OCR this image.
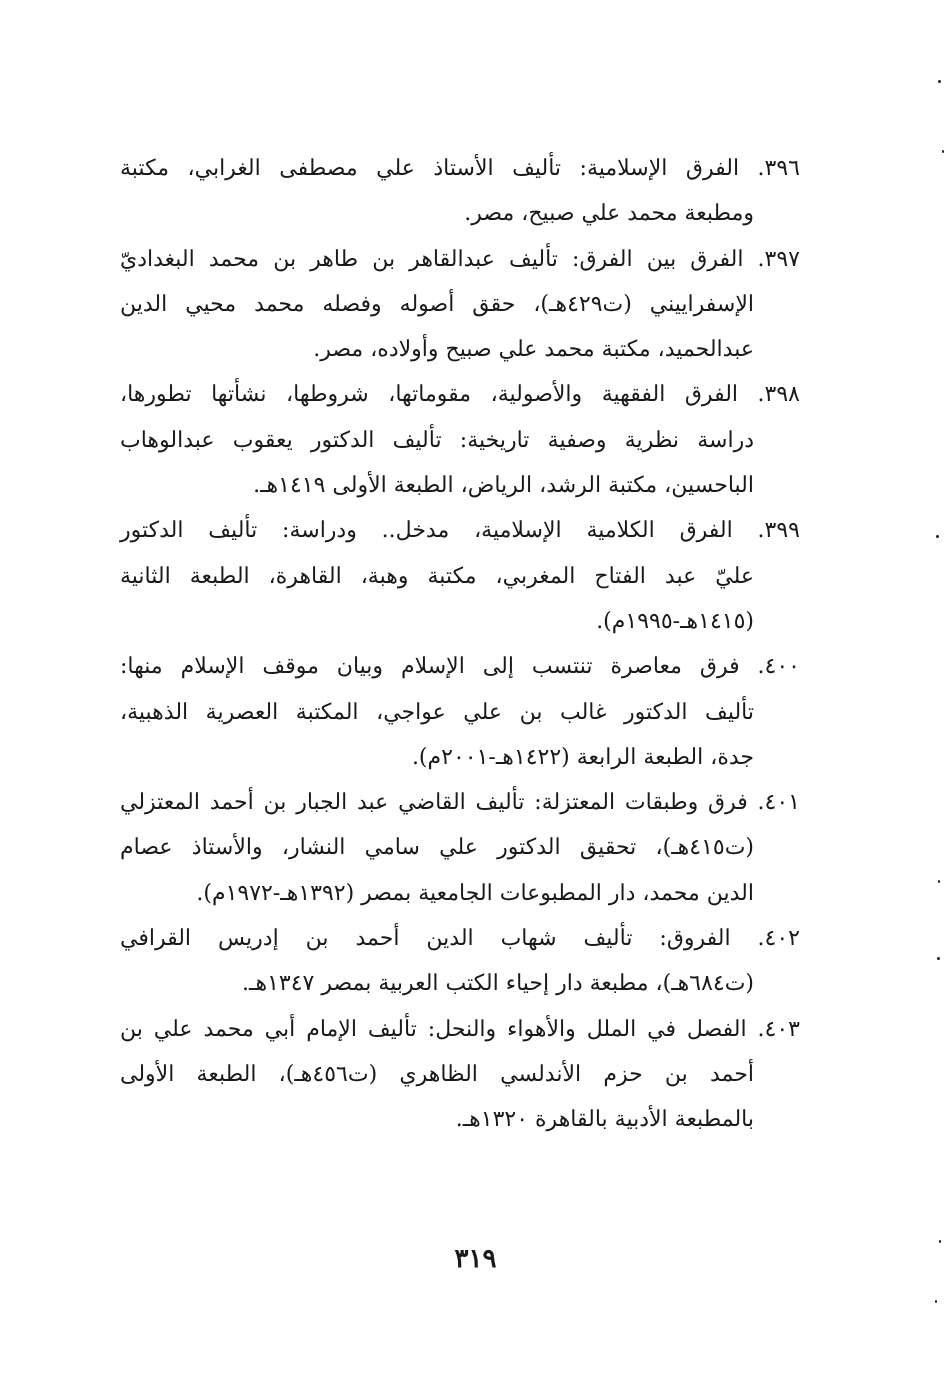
٣٩٦. الفرق الإسلامية: تأليف الأستاذ علي مصطفى الغرابي، مكتبة
ومطبعة محمد علي صبيح، مصر.
٣٩٧. الفرق بين الفرق: تأليف عبدالقاهر بن طاهر بن محمد البغداديّ
الإسفراييني (ت٤٢٩هـ)، حقق أصوله وفصله محمد محيي الدين
عبدالحميد، مكتبة محمد علي صبيح وأولاده، مصر.
٣٩٨. الفرق الفقهية والأصولية، مقوماتها، شروطها، نشأتها تطورها،
دراسة نظرية وصفية تاريخية: تأليف الدكتور يعقوب عبدالوهاب
الباحسين، مكتبة الرشد، الرياض، الطبعة الأولى ١٤١٩هـ.
٣٩٩. الفرق الكلامية الإسلامية، مدخل.. ودراسة: تأليف الدكتور
عليّ عبد الفتاح المغربي، مكتبة وهبة، القاهرة، الطبعة الثانية
(١٤١٥هـ-١٩٩٥م).
٤٠٠. فرق معاصرة تنتسب إلى الإسلام وبيان موقف الإسلام منها:
تأليف الدكتور غالب بن علي عواجي، المكتبة العصرية الذهبية،
جدة، الطبعة الرابعة (١٤٢٢هـ-٢٠٠١م).
٤٠١. فرق وطبقات المعتزلة: تأليف القاضي عبد الجبار بن أحمد المعتزلي
(ت٤١٥هـ)، تحقيق الدكتور علي سامي النشار، والأستاذ عصام
الدين محمد، دار المطبوعات الجامعية بمصر (١٣٩٢هـ-١٩٧٢م).
٤٠٢. الفروق: تأليف شهاب الدين أحمد بن إدريس القرافي
(ت٦٨٤هـ)، مطبعة دار إحياء الكتب العربية بمصر ١٣٤٧هـ.
٤٠٣. الفصل في الملل والأهواء والنحل: تأليف الإمام أبي محمد علي بن
أحمد بن حزم الأندلسي الظاهري (ت٤٥٦هـ)، الطبعة الأولى
بالمطبعة الأدبية بالقاهرة ١٣٢٠هـ.
٣١٩
